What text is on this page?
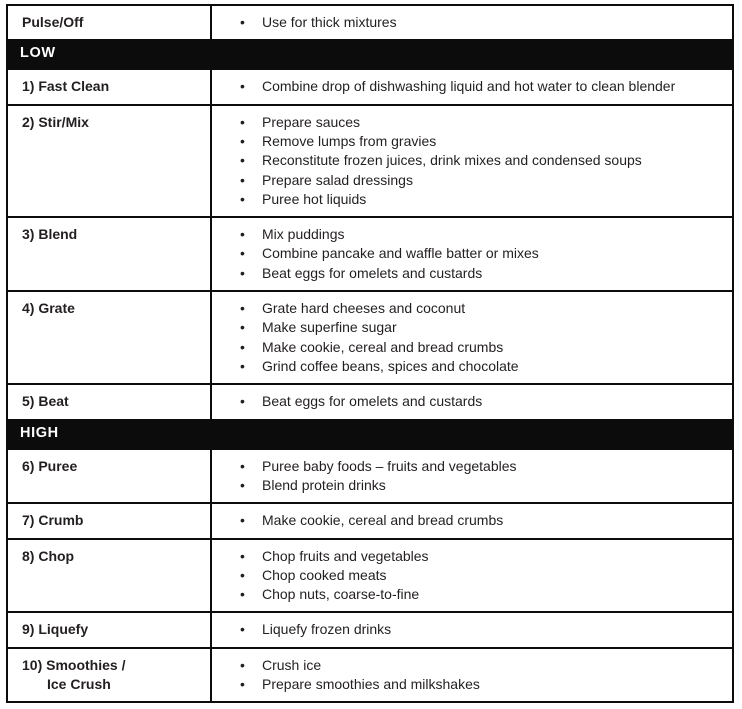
Pulse/Off	•	Use for thick mixtures
LOW
1) Fast Clean	•	Combine drop of dishwashing liquid and hot water to clean blender
2) Stir/Mix	•	Prepare sauces
•	Remove lumps from gravies
•	Reconstitute frozen juices, drink mixes and condensed soups
•	Prepare salad dressings
•	Puree hot liquids
3) Blend	•	Mix puddings
•	Combine pancake and waffle batter or mixes
•	Beat eggs for omelets and custards
4) Grate	•	Grate hard cheeses and coconut
•	Make superfine sugar
•	Make cookie, cereal and bread crumbs
•	Grind coffee beans, spices and chocolate
5) Beat	•	Beat eggs for omelets and custards
HIGH
6) Puree	•	Puree baby foods – fruits and vegetables
•	Blend protein drinks
7) Crumb	•	Make cookie, cereal and bread crumbs
8) Chop	•	Chop fruits and vegetables
•	Chop cooked meats
•	Chop nuts, coarse-to-fine
9) Liquefy	•	Liquefy frozen drinks
10) Smoothies /
Ice Crush
•	Crush ice
•	Prepare smoothies and milkshakes
